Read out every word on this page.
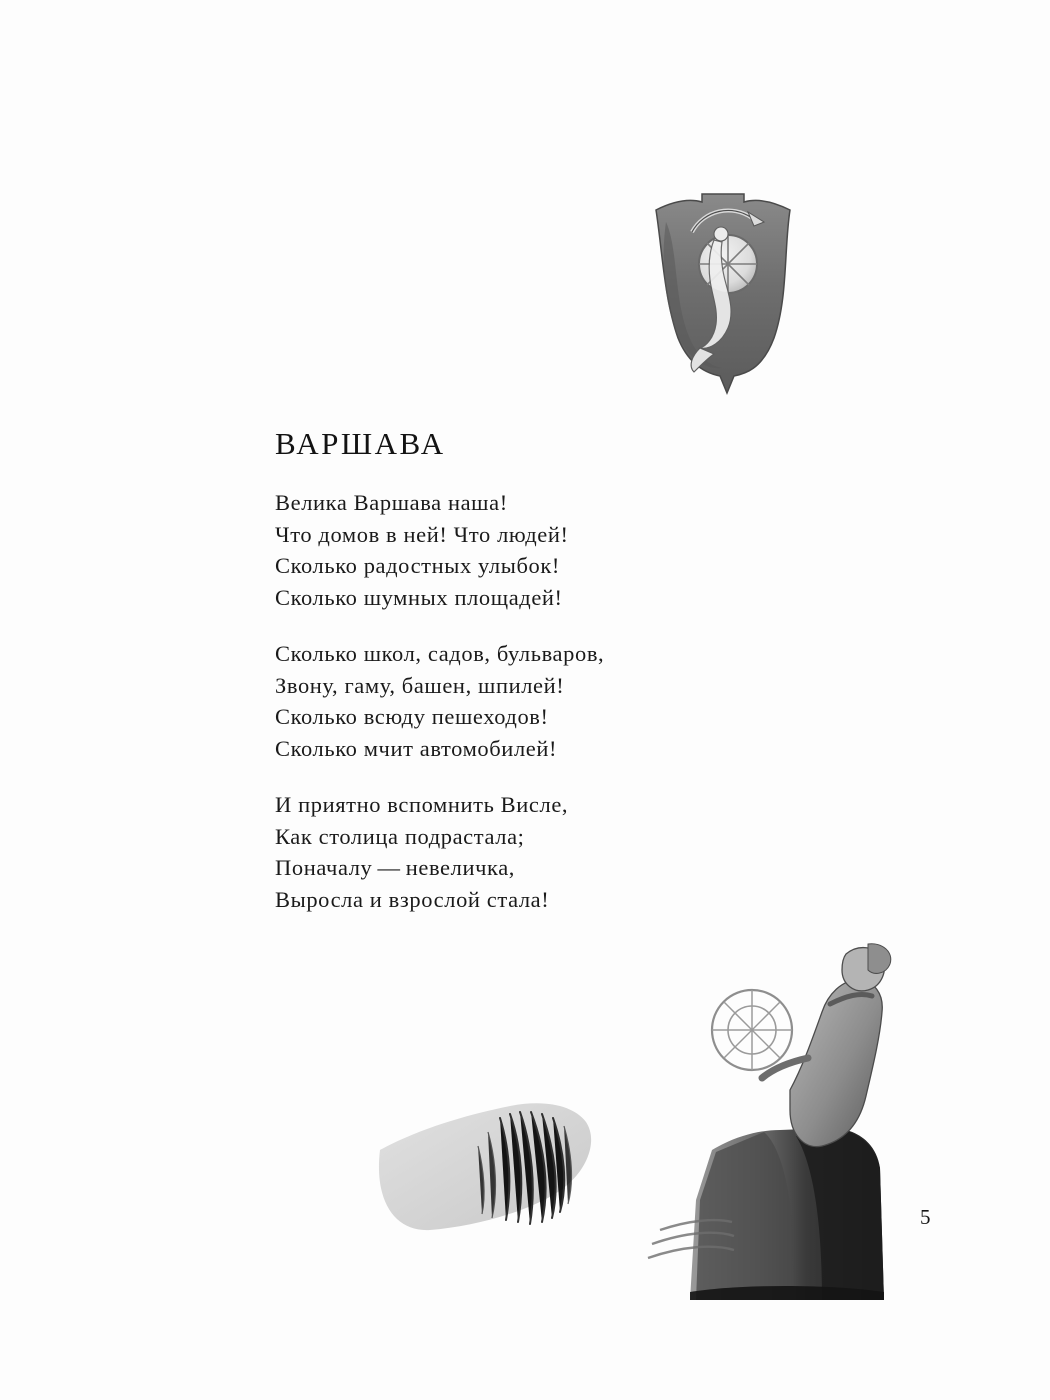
ВАРШАВА
Велика Варшава наша!
Что домов в ней! Что людей!
Сколько радостных улыбок!
Сколько шумных площадей!
Сколько школ, садов, бульваров,
Звону, гаму, башен, шпилей!
Сколько всюду пешеходов!
Сколько мчит автомобилей!
И приятно вспомнить Висле,
Как столица подрастала;
Поначалу — невеличка,
Выросла и взрослой стала!
5
